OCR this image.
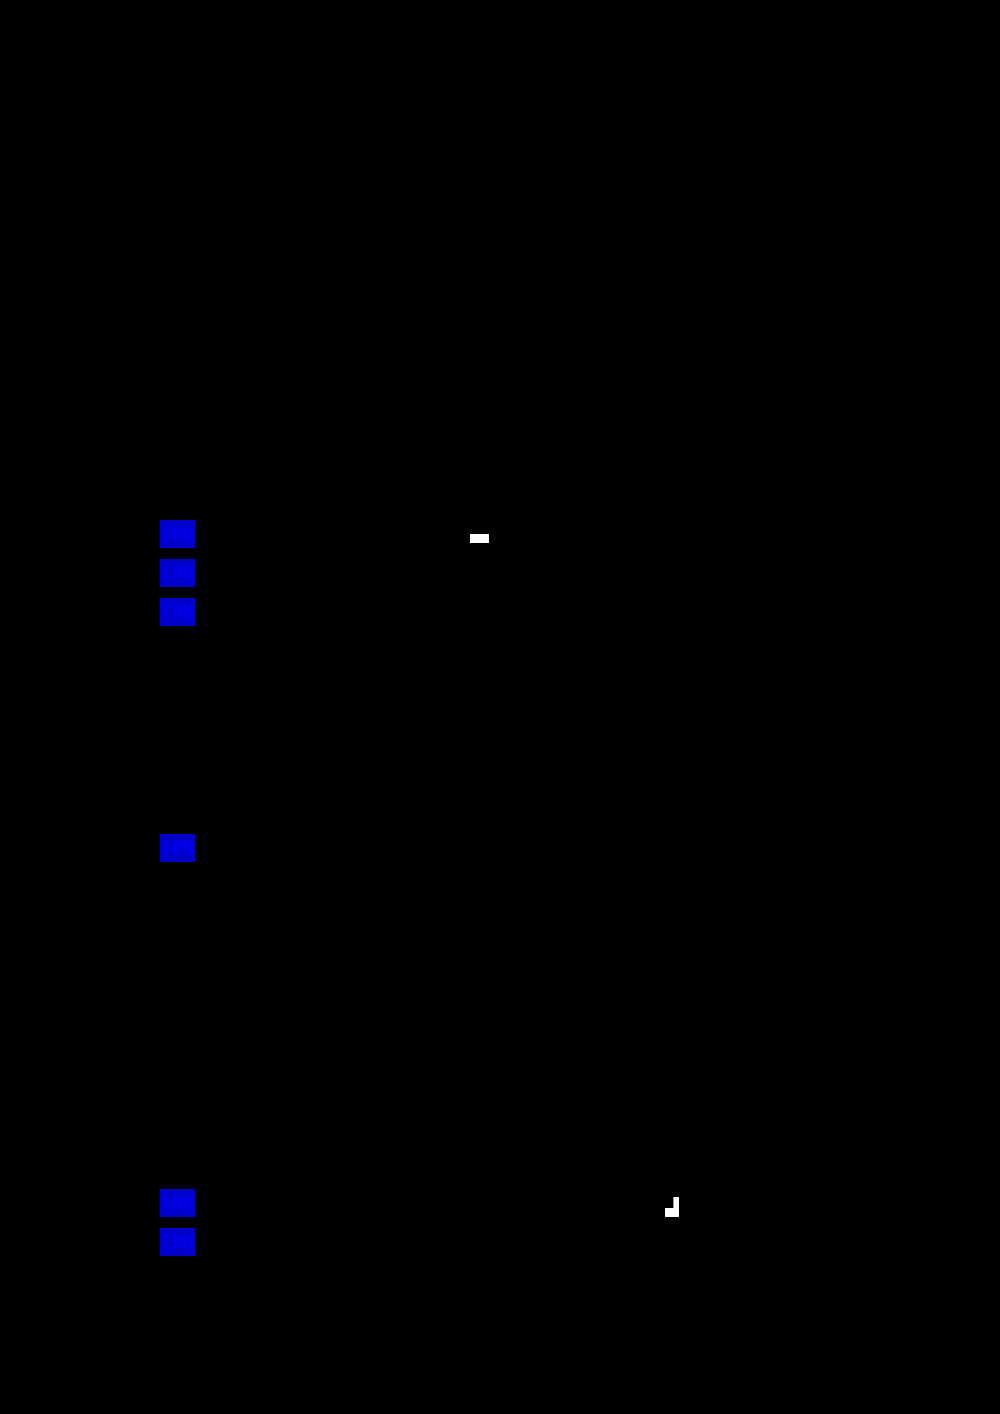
[40]
[30]
[30]
[49]
[40]
[30]
